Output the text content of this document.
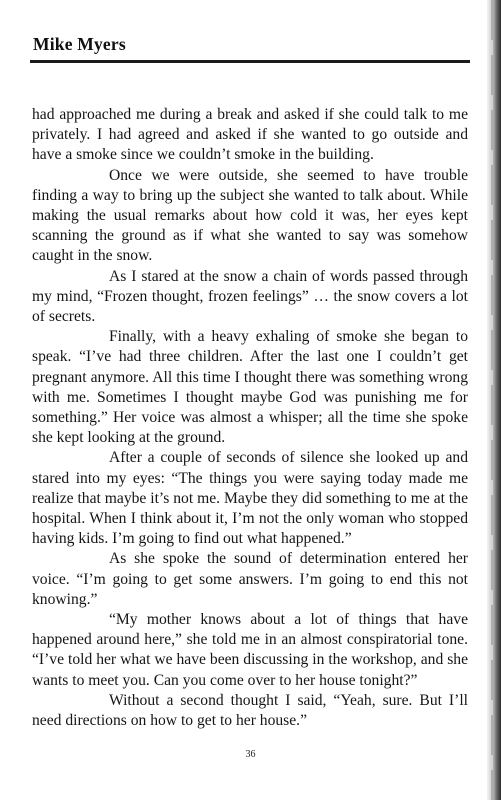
Mike Myers

had approached me during a break and asked if she could talk to me privately. I had agreed and asked if she wanted to go outside and have a smoke since we couldn’t smoke in the building.

Once we were outside, she seemed to have trouble finding a way to bring up the subject she wanted to talk about. While making the usual remarks about how cold it was, her eyes kept scanning the ground as if what she wanted to say was somehow caught in the snow.

As I stared at the snow a chain of words passed through my mind, “Frozen thought, frozen feelings” … the snow covers a lot of secrets.

Finally, with a heavy exhaling of smoke she began to speak. “I’ve had three children. After the last one I couldn’t get pregnant anymore. All this time I thought there was something wrong with me. Sometimes I thought maybe God was punishing me for something.” Her voice was almost a whisper; all the time she spoke she kept looking at the ground.

After a couple of seconds of silence she looked up and stared into my eyes: “The things you were saying today made me realize that maybe it’s not me. Maybe they did something to me at the hospital. When I think about it, I’m not the only woman who stopped having kids. I’m going to find out what happened.”

As she spoke the sound of determination entered her voice. “I’m going to get some answers. I’m going to end this not knowing.”

“My mother knows about a lot of things that have happened around here,” she told me in an almost conspiratorial tone. “I’ve told her what we have been discussing in the workshop, and she wants to meet you. Can you come over to her house tonight?”

Without a second thought I said, “Yeah, sure. But I’ll need directions on how to get to her house.”

36
